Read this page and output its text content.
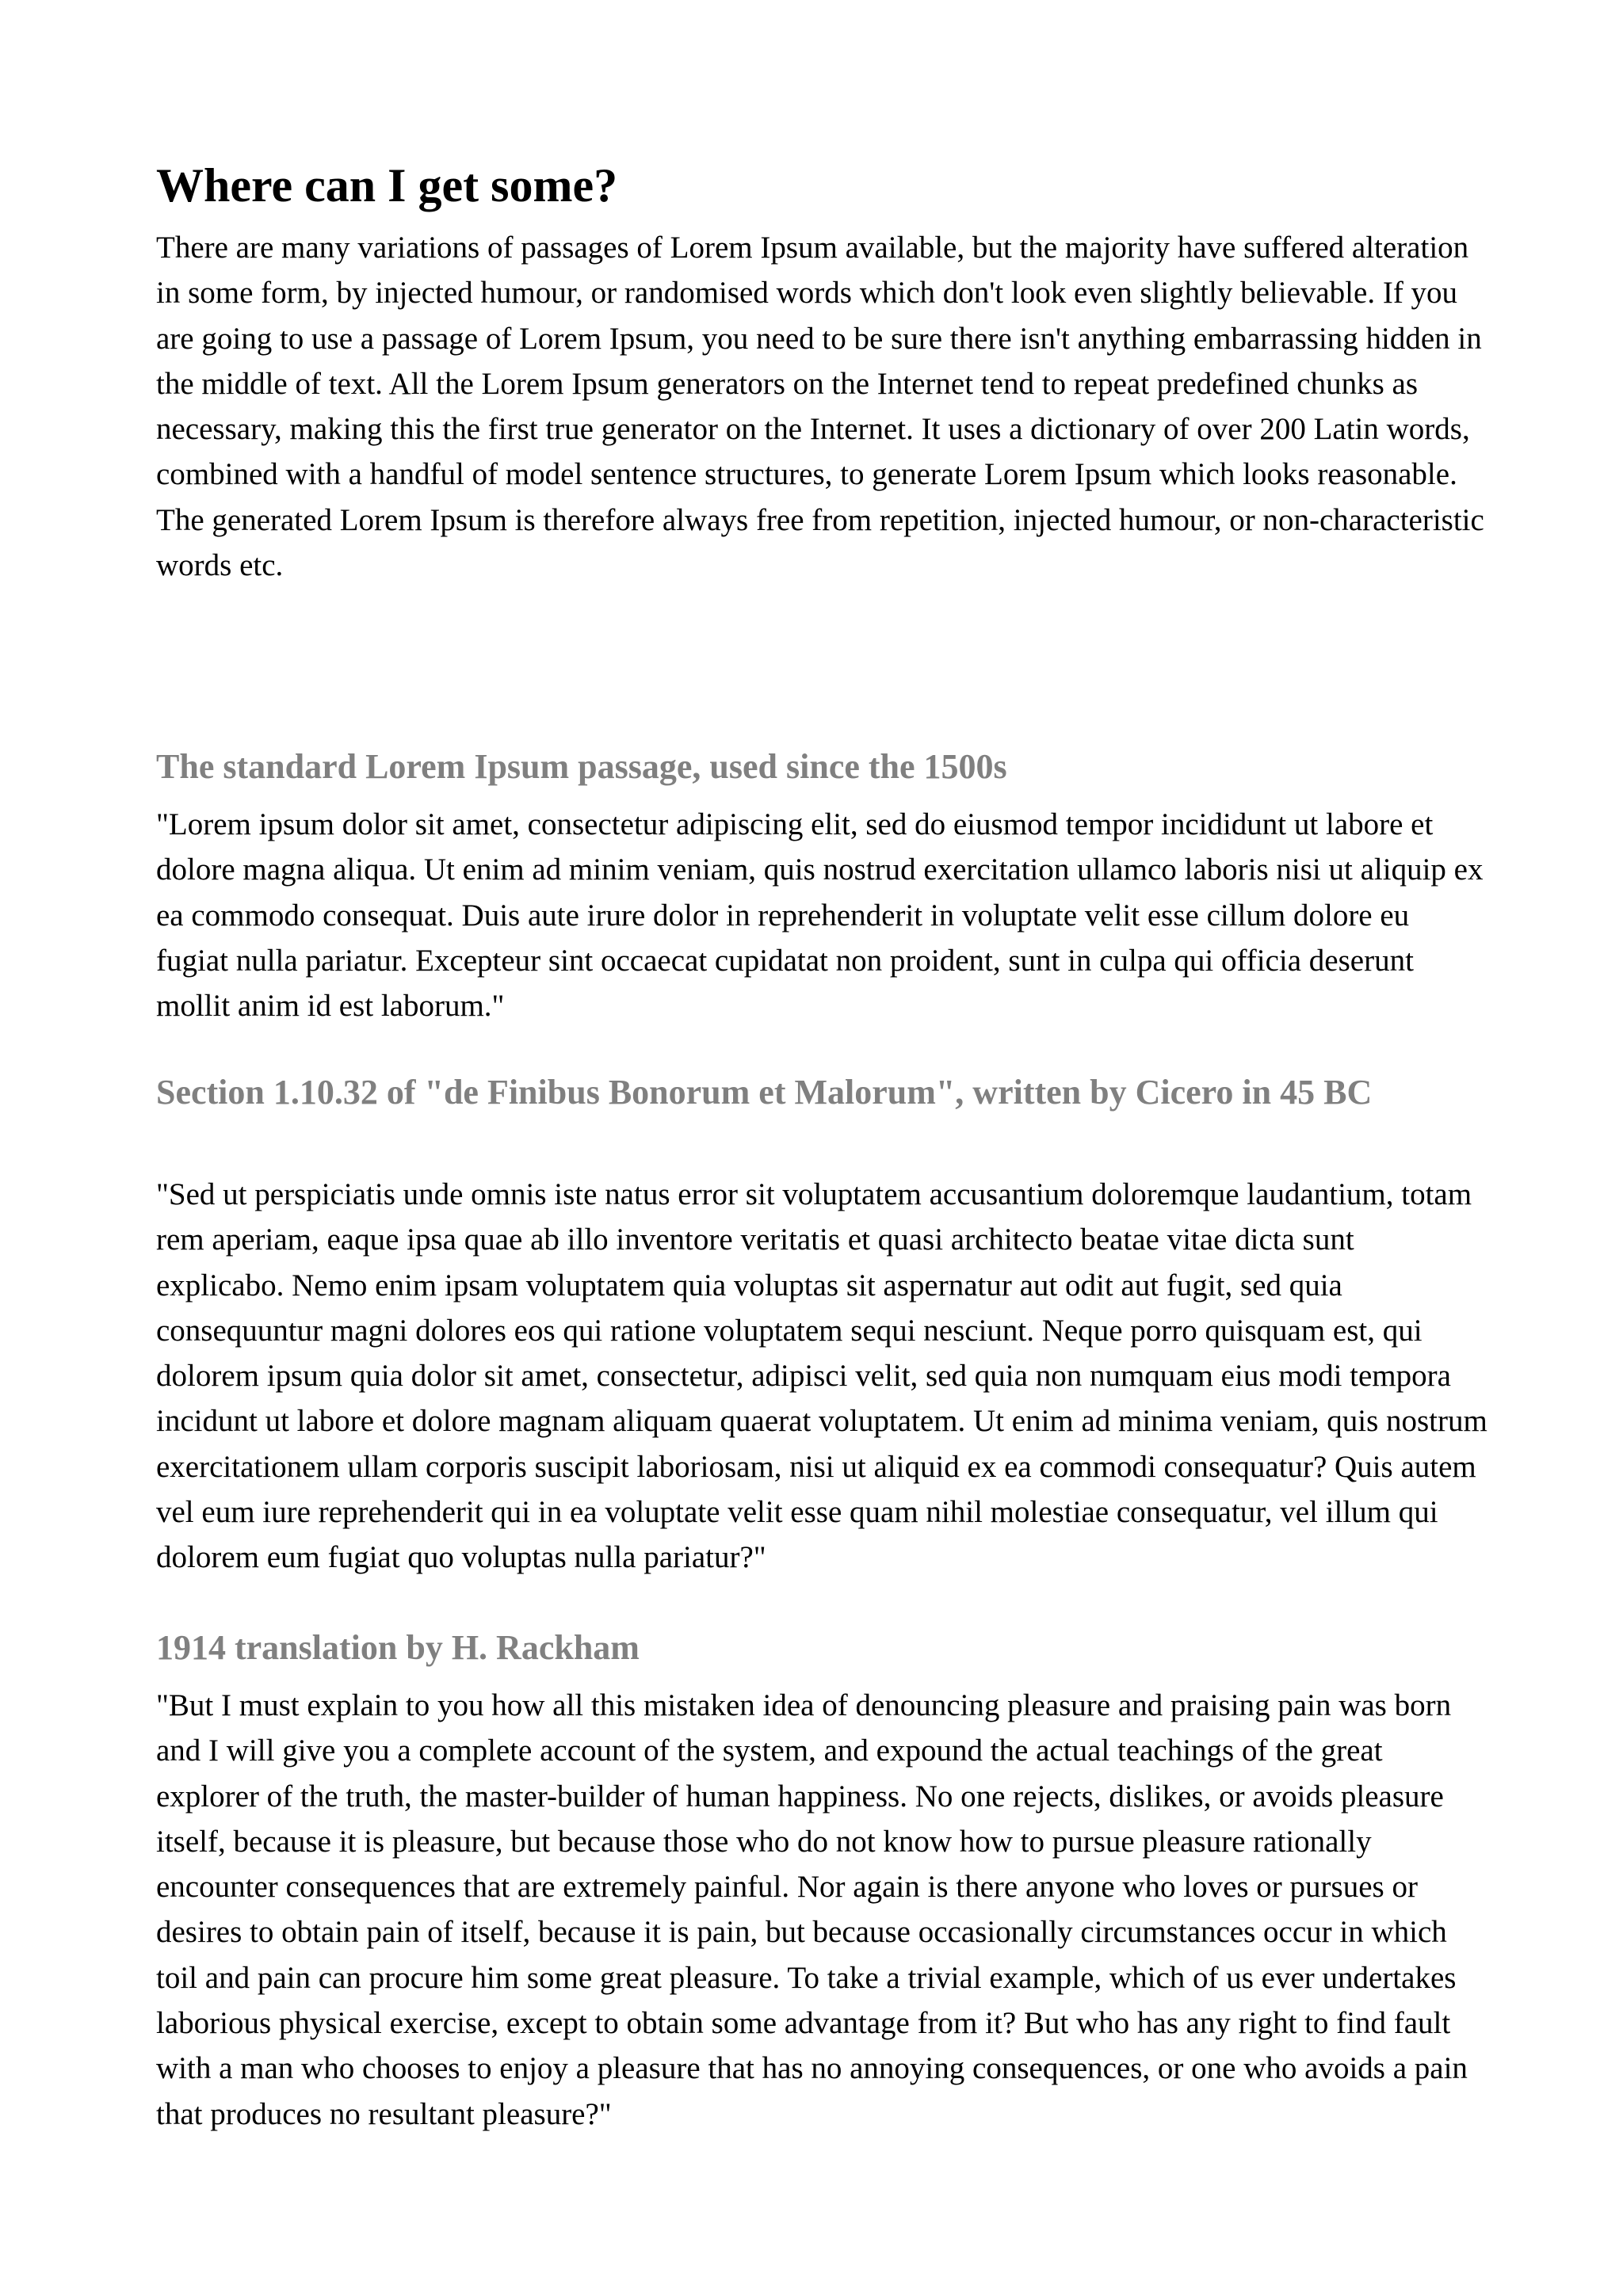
Where can I get some?

There are many variations of passages of Lorem Ipsum available, but the majority have suffered alteration in some form, by injected humour, or randomised words which don't look even slightly believable. If you are going to use a passage of Lorem Ipsum, you need to be sure there isn't anything embarrassing hidden in the middle of text. All the Lorem Ipsum generators on the Internet tend to repeat predefined chunks as necessary, making this the first true generator on the Internet. It uses a dictionary of over 200 Latin words, combined with a handful of model sentence structures, to generate Lorem Ipsum which looks reasonable. The generated Lorem Ipsum is therefore always free from repetition, injected humour, or non-characteristic words etc.

The standard Lorem Ipsum passage, used since the 1500s

"Lorem ipsum dolor sit amet, consectetur adipiscing elit, sed do eiusmod tempor incididunt ut labore et dolore magna aliqua. Ut enim ad minim veniam, quis nostrud exercitation ullamco laboris nisi ut aliquip ex ea commodo consequat. Duis aute irure dolor in reprehenderit in voluptate velit esse cillum dolore eu fugiat nulla pariatur. Excepteur sint occaecat cupidatat non proident, sunt in culpa qui officia deserunt mollit anim id est laborum."

Section 1.10.32 of "de Finibus Bonorum et Malorum", written by Cicero in 45 BC

"Sed ut perspiciatis unde omnis iste natus error sit voluptatem accusantium doloremque laudantium, totam rem aperiam, eaque ipsa quae ab illo inventore veritatis et quasi architecto beatae vitae dicta sunt explicabo. Nemo enim ipsam voluptatem quia voluptas sit aspernatur aut odit aut fugit, sed quia consequuntur magni dolores eos qui ratione voluptatem sequi nesciunt. Neque porro quisquam est, qui dolorem ipsum quia dolor sit amet, consectetur, adipisci velit, sed quia non numquam eius modi tempora incidunt ut labore et dolore magnam aliquam quaerat voluptatem. Ut enim ad minima veniam, quis nostrum exercitationem ullam corporis suscipit laboriosam, nisi ut aliquid ex ea commodi consequatur? Quis autem vel eum iure reprehenderit qui in ea voluptate velit esse quam nihil molestiae consequatur, vel illum qui dolorem eum fugiat quo voluptas nulla pariatur?"

1914 translation by H. Rackham

"But I must explain to you how all this mistaken idea of denouncing pleasure and praising pain was born and I will give you a complete account of the system, and expound the actual teachings of the great explorer of the truth, the master-builder of human happiness. No one rejects, dislikes, or avoids pleasure itself, because it is pleasure, but because those who do not know how to pursue pleasure rationally encounter consequences that are extremely painful. Nor again is there anyone who loves or pursues or desires to obtain pain of itself, because it is pain, but because occasionally circumstances occur in which toil and pain can procure him some great pleasure. To take a trivial example, which of us ever undertakes laborious physical exercise, except to obtain some advantage from it? But who has any right to find fault with a man who chooses to enjoy a pleasure that has no annoying consequences, or one who avoids a pain that produces no resultant pleasure?"
